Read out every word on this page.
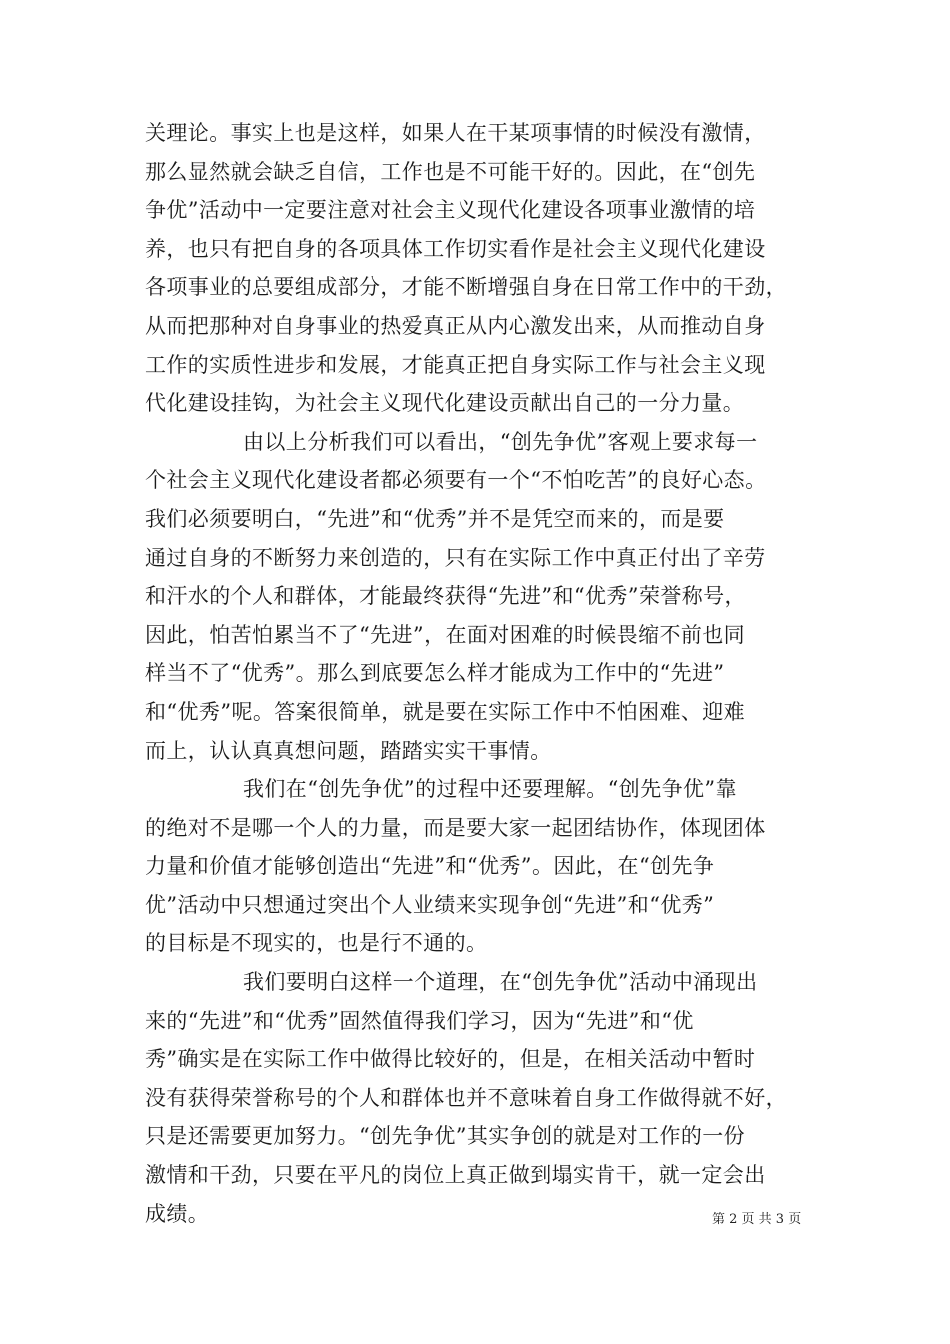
关理论。事实上也是这样，如果人在干某项事情的时候没有激情，
那么显然就会缺乏自信，工作也是不可能干好的。因此，在“创先
争优”活动中一定要注意对社会主义现代化建设各项事业激情的培
养，也只有把自身的各项具体工作切实看作是社会主义现代化建设
各项事业的总要组成部分，才能不断增强自身在日常工作中的干劲，
从而把那种对自身事业的热爱真正从内心激发出来，从而推动自身
工作的实质性进步和发展，才能真正把自身实际工作与社会主义现
代化建设挂钩，为社会主义现代化建设贡献出自己的一分力量。
由以上分析我们可以看出，“创先争优”客观上要求每一
个社会主义现代化建设者都必须要有一个“不怕吃苦”的良好心态。
我们必须要明白，“先进”和“优秀”并不是凭空而来的，而是要
通过自身的不断努力来创造的，只有在实际工作中真正付出了辛劳
和汗水的个人和群体，才能最终获得“先进”和“优秀”荣誉称号，
因此，怕苦怕累当不了“先进”，在面对困难的时候畏缩不前也同
样当不了“优秀”。那么到底要怎么样才能成为工作中的“先进”
和“优秀”呢。答案很简单，就是要在实际工作中不怕困难、迎难
而上，认认真真想问题，踏踏实实干事情。
我们在“创先争优”的过程中还要理解。“创先争优”靠
的绝对不是哪一个人的力量，而是要大家一起团结协作，体现团体
力量和价值才能够创造出“先进”和“优秀”。因此，在“创先争
优”活动中只想通过突出个人业绩来实现争创“先进”和“优秀”
的目标是不现实的，也是行不通的。
我们要明白这样一个道理，在“创先争优”活动中涌现出
来的“先进”和“优秀”固然值得我们学习，因为“先进”和“优
秀”确实是在实际工作中做得比较好的，但是，在相关活动中暂时
没有获得荣誉称号的个人和群体也并不意味着自身工作做得就不好，
只是还需要更加努力。“创先争优”其实争创的就是对工作的一份
激情和干劲，只要在平凡的岗位上真正做到塌实肯干，就一定会出
成绩。	第 2 页 共 3 页
